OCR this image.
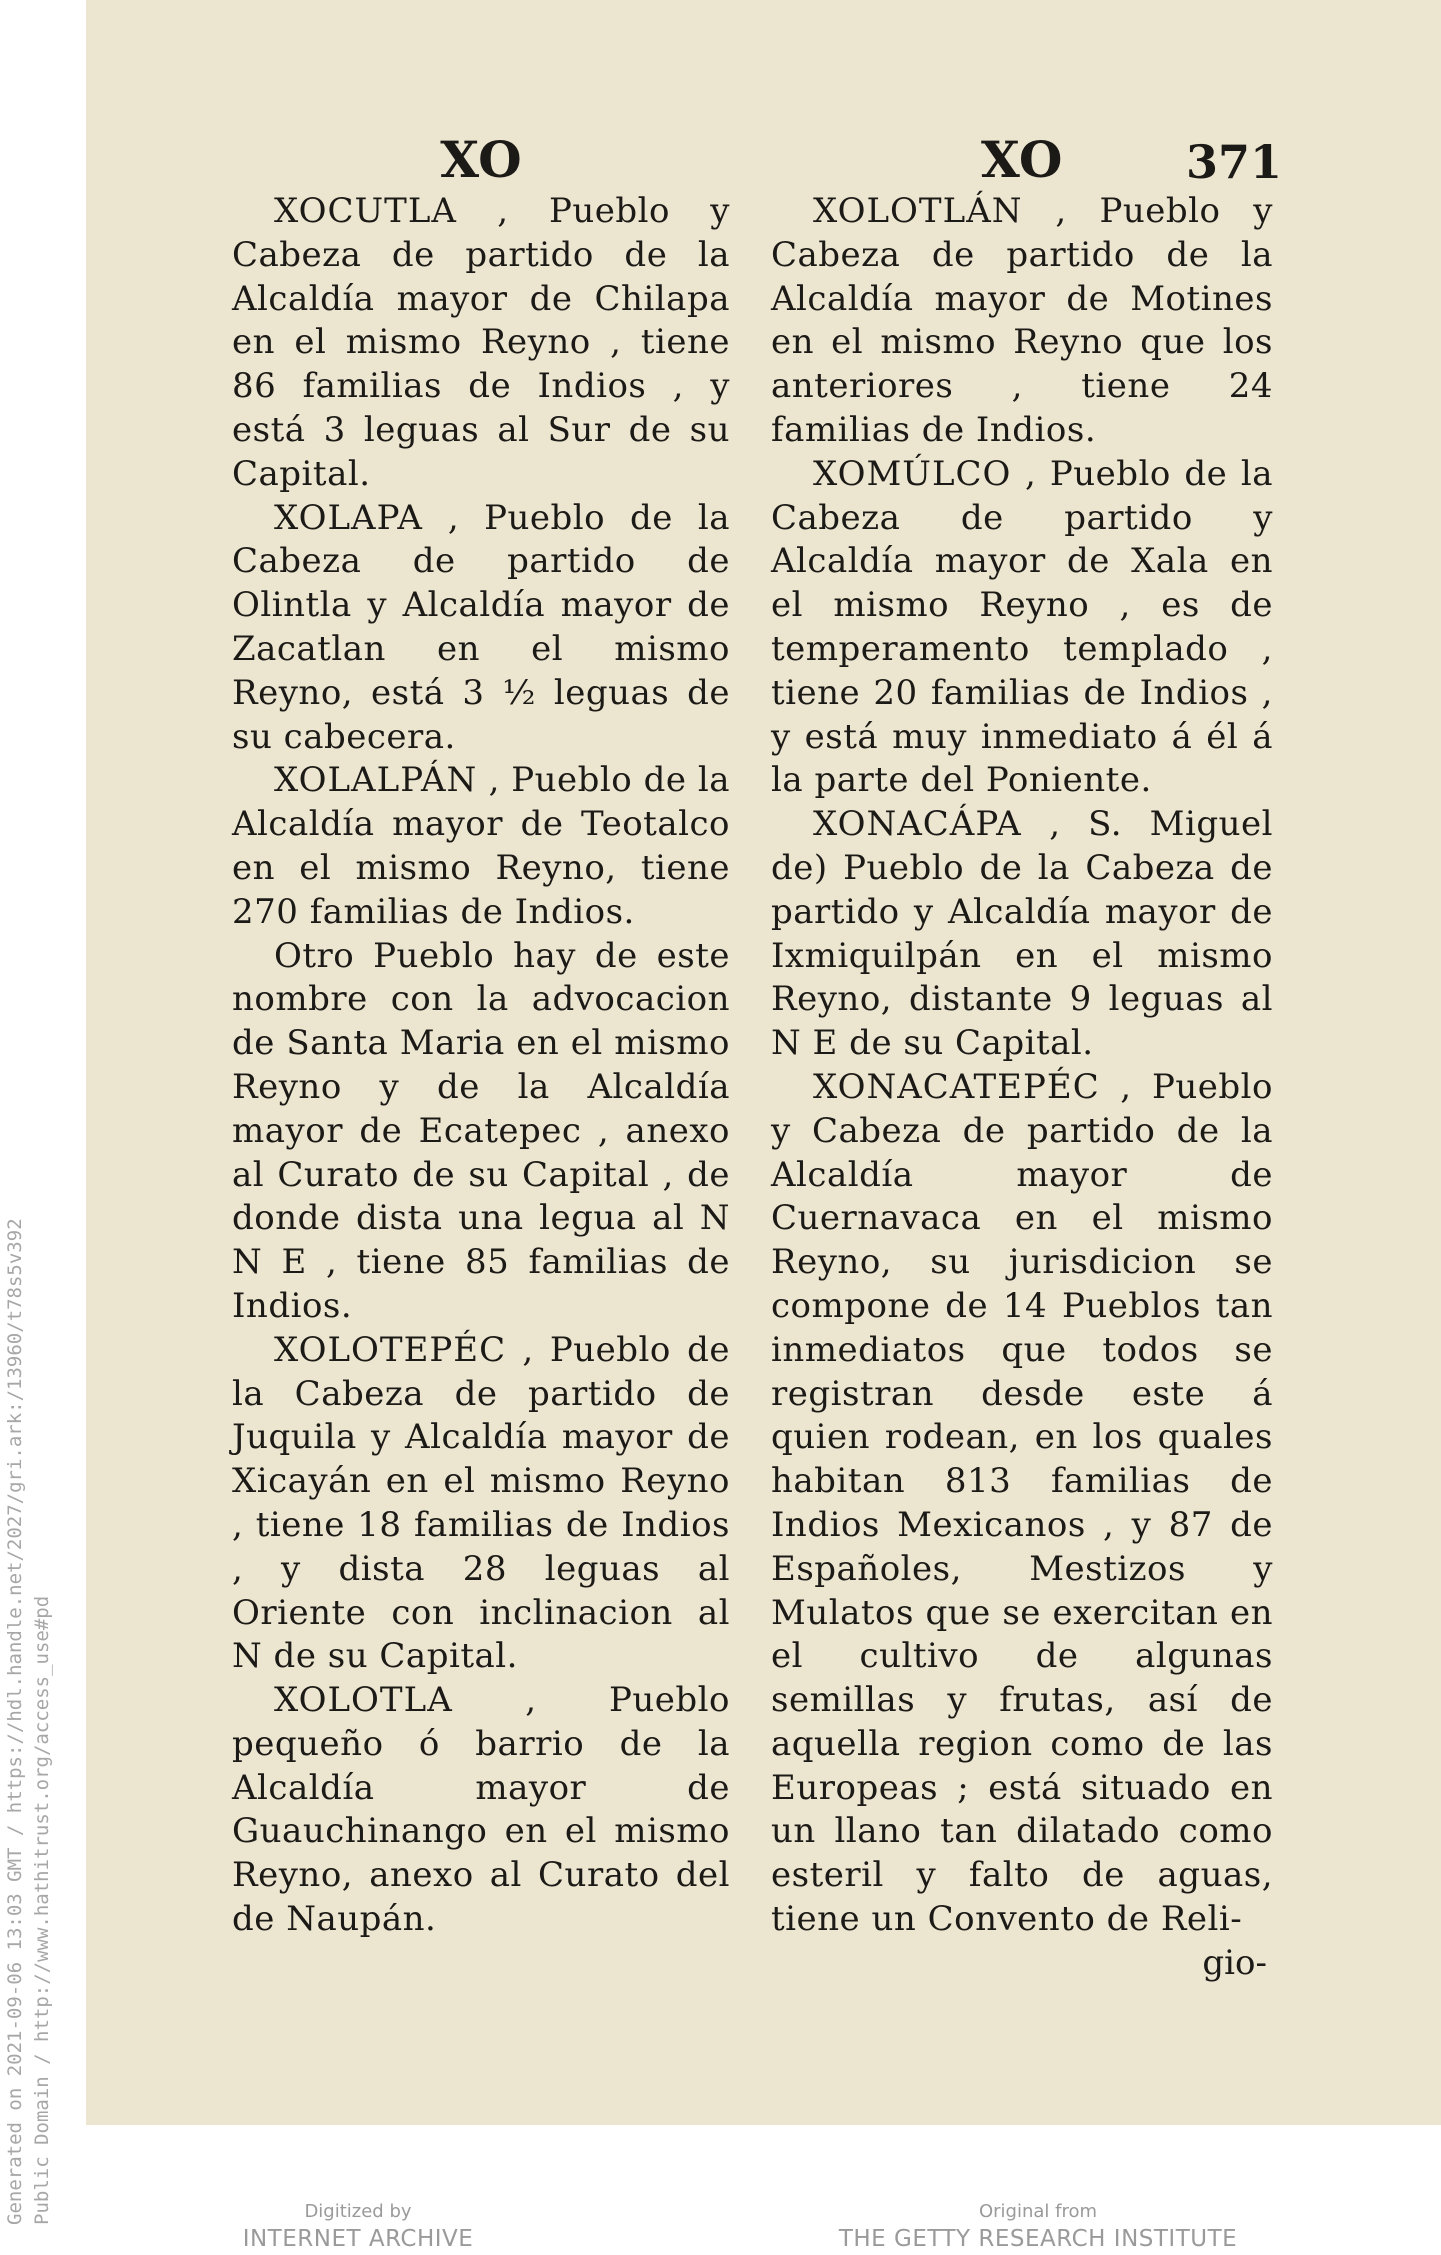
Generated on 2021-09-06 13:03 GMT / https://hdl.handle.net/2027/gri.ark:/13960/t78s5v392 Public Domain / http://www.hathitrust.org/access_use#pd
XO

XOCUTLA , Pueblo y Cabeza de partido de la Alcaldía mayor de Chilapa en el mismo Reyno , tiene 86 familias de Indios , y está 3 leguas al Sur de su Capital.

XOLAPA , Pueblo de la Cabeza de partido de Olintla y Alcaldía mayor de Zacatlan en el mismo Reyno, está 3 ½ leguas de su cabecera.

XOLALPÁN , Pueblo de la Alcaldía mayor de Teotalco en el mismo Reyno, tiene 270 familias de Indios.

Otro Pueblo hay de este nombre con la advocacion de Santa Maria en el mismo Reyno y de la Alcaldía mayor de Ecatepec , anexo al Curato de su Capital , de donde dista una legua al N N E , tiene 85 familias de Indios.

XOLOTEPÉC , Pueblo de la Cabeza de partido de Juquila y Alcaldía mayor de Xicayán en el mismo Reyno , tiene 18 familias de Indios , y dista 28 leguas al Oriente con inclinacion al N de su Capital.

XOLOTLA , Pueblo pequeño ó barrio de la Alcaldía mayor de Guauchinango en el mismo Reyno, anexo al Curato del de Naupán.

XO	371

XOLOTLÁN , Pueblo y Cabeza de partido de la Alcaldía mayor de Motines en el mismo Reyno que los anteriores , tiene 24 familias de Indios.

XOMÚLCO , Pueblo de la Cabeza de partido y Alcaldía mayor de Xala en el mismo Reyno , es de temperamento templado , tiene 20 familias de Indios , y está muy inmediato á él á la parte del Poniente.

XONACÁPA , S. Miguel de) Pueblo de la Cabeza de partido y Alcaldía mayor de Ixmiquilpán en el mismo Reyno, distante 9 leguas al N E de su Capital.

XONACATEPÉC , Pueblo y Cabeza de partido de la Alcaldía mayor de Cuernavaca en el mismo Reyno, su jurisdicion se compone de 14 Pueblos tan inmediatos que todos se registran desde este á quien rodean, en los quales habitan 813 familias de Indios Mexicanos , y 87 de Españoles, Mestizos y Mulatos que se exercitan en el cultivo de algunas semillas y frutas, así de aquella region como de las Europeas ; está situado en un llano tan dilatado como esteril y falto de aguas, tiene un Convento de Reli-

gio-
Digitized by
INTERNET ARCHIVE
Original from
THE GETTY RESEARCH INSTITUTE
